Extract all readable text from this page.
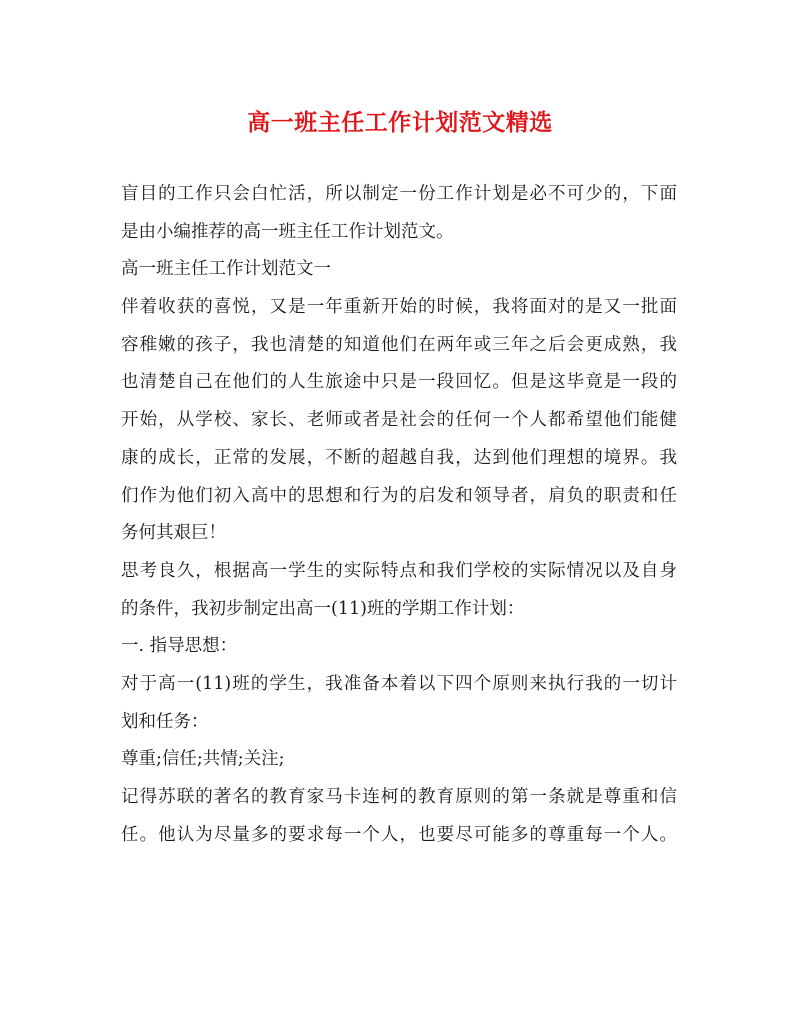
高一班主任工作计划范文精选
盲目的工作只会白忙活，所以制定一份工作计划是必不可少的，下面
是由小编推荐的高一班主任工作计划范文。
高一班主任工作计划范文一
伴着收获的喜悦，又是一年重新开始的时候，我将面对的是又一批面
容稚嫩的孩子，我也清楚的知道他们在两年或三年之后会更成熟，我
也清楚自己在他们的人生旅途中只是一段回忆。但是这毕竟是一段的
开始，从学校、家长、老师或者是社会的任何一个人都希望他们能健
康的成长，正常的发展，不断的超越自我，达到他们理想的境界。我
们作为他们初入高中的思想和行为的启发和领导者，肩负的职责和任
务何其艰巨！
思考良久，根据高一学生的实际特点和我们学校的实际情况以及自身
的条件，我初步制定出高一(11)班的学期工作计划：
一. 指导思想：
对于高一(11)班的学生，我准备本着以下四个原则来执行我的一切计
划和任务：
尊重;信任;共情;关注;
记得苏联的著名的教育家马卡连柯的教育原则的第一条就是尊重和信
任。他认为尽量多的要求每一个人，也要尽可能多的尊重每一个人。
